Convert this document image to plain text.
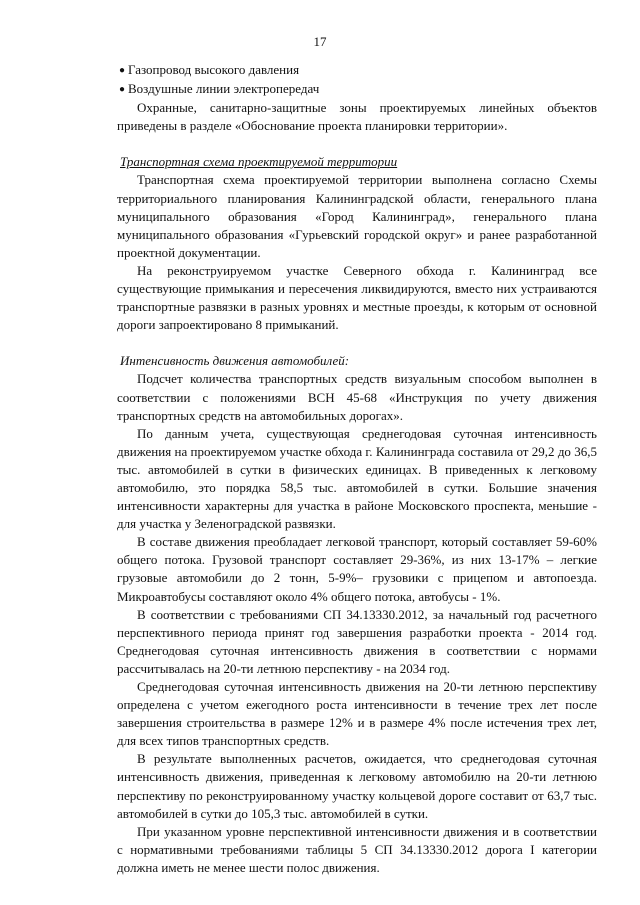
17
● Газопровод высокого давления
● Воздушные линии электропередач

Охранные, санитарно-защитные зоны проектируемых линейных объектов приведены в разделе «Обоснование проекта планировки территории».

Транспортная схема проектируемой территории

Транспортная схема проектируемой территории выполнена согласно Схемы территориального планирования Калининградской области, генерального плана муниципального образования «Город Калининград», генерального плана муниципального образования «Гурьевский городской округ» и ранее разработанной проектной документации.

На реконструируемом участке Северного обхода г. Калининград все существующие примыкания и пересечения ликвидируются, вместо них устраиваются транспортные развязки в разных уровнях и местные проезды, к которым от основной дороги запроектировано 8 примыканий.

Интенсивность движения автомобилей:

Подсчет количества транспортных средств визуальным способом выполнен в соответствии с положениями ВСН 45-68 «Инструкция по учету движения транспортных средств на автомобильных дорогах».

По данным учета, существующая среднегодовая суточная интенсивность движения на проектируемом участке обхода г. Калининграда составила от 29,2 до 36,5 тыс. автомобилей в сутки в физических единицах. В приведенных к легковому автомобилю, это порядка 58,5 тыс. автомобилей в сутки. Большие значения интенсивности характерны для участка в районе Московского проспекта, меньшие - для участка у Зеленоградской развязки.

В составе движения преобладает легковой транспорт, который составляет 59-60% общего потока. Грузовой транспорт составляет 29-36%, из них 13-17% – легкие грузовые автомобили до 2 тонн, 5-9%– грузовики с прицепом и автопоезда. Микроавтобусы составляют около 4% общего потока, автобусы - 1%.

В соответствии с требованиями СП 34.13330.2012, за начальный год расчетного перспективного периода принят год завершения разработки проекта - 2014 год. Среднегодовая суточная интенсивность движения в соответствии с нормами рассчитывалась на 20-ти летнюю перспективу - на 2034 год.

Среднегодовая суточная интенсивность движения на 20-ти летнюю перспективу определена с учетом ежегодного роста интенсивности в течение трех лет после завершения строительства в размере 12% и в размере 4% после истечения трех лет, для всех типов транспортных средств.

В результате выполненных расчетов, ожидается, что среднегодовая суточная интенсивность движения, приведенная к легковому автомобилю на 20-ти летнюю перспективу по реконструированному участку кольцевой дороге составит от 63,7 тыс. автомобилей в сутки до 105,3 тыс. автомобилей в сутки.

При указанном уровне перспективной интенсивности движения и в соответствии с нормативными требованиями таблицы 5 СП 34.13330.2012 дорога I категории должна иметь не менее шести полос движения.
